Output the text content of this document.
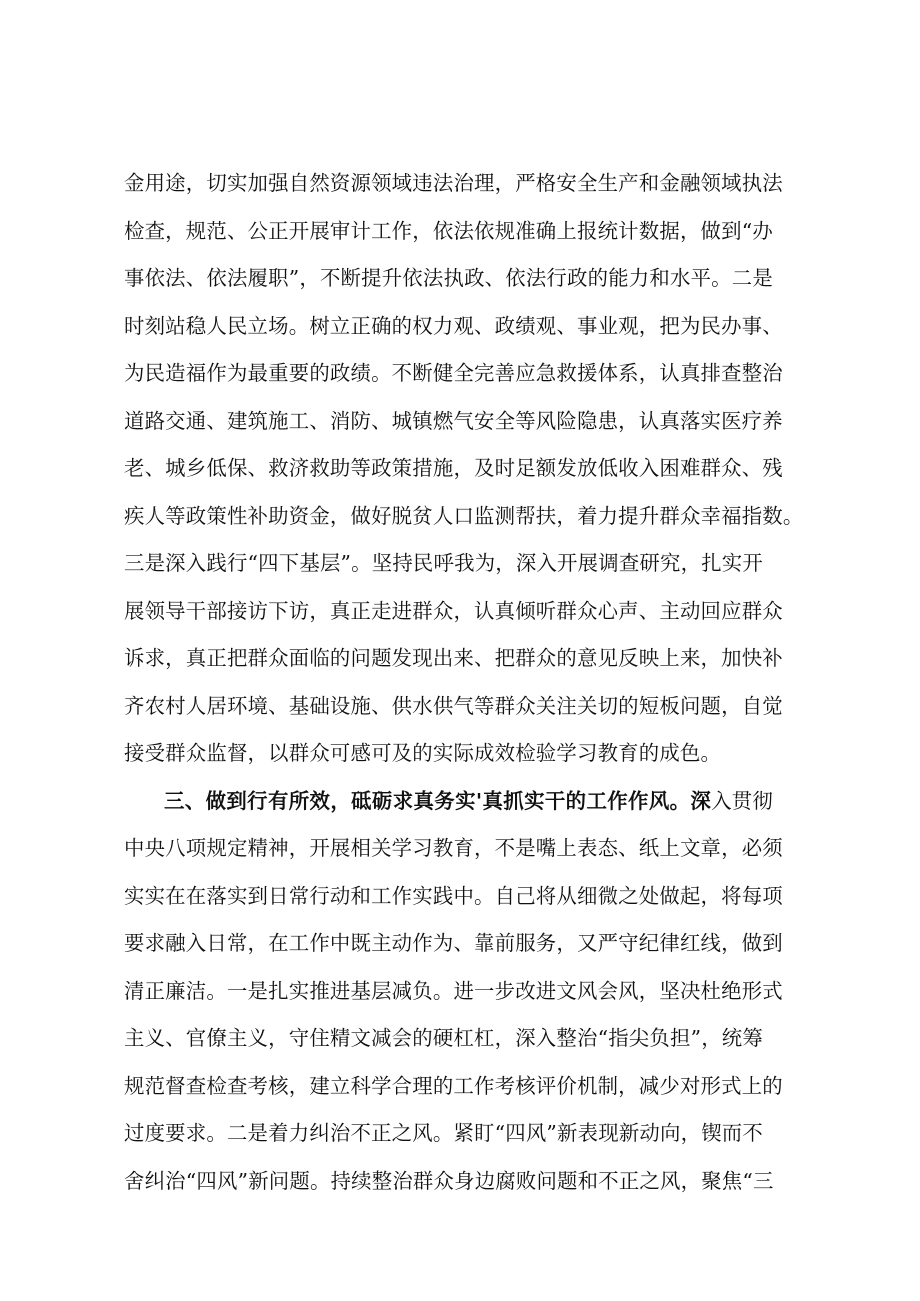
金用途，切实加强自然资源领域违法治理，严格安全生产和金融领域执法
检查，规范、公正开展审计工作，依法依规准确上报统计数据，做到“办
事依法、依法履职”，不断提升依法执政、依法行政的能力和水平。二是
时刻站稳人民立场。树立正确的权力观、政绩观、事业观，把为民办事、
为民造福作为最重要的政绩。不断健全完善应急救援体系，认真排查整治
道路交通、建筑施工、消防、城镇燃气安全等风险隐患，认真落实医疗养
老、城乡低保、救济救助等政策措施，及时足额发放低收入困难群众、残
疾人等政策性补助资金，做好脱贫人口监测帮扶，着力提升群众幸福指数。
三是深入践行“四下基层”。坚持民呼我为，深入开展调查研究，扎实开
展领导干部接访下访，真正走进群众，认真倾听群众心声、主动回应群众
诉求，真正把群众面临的问题发现出来、把群众的意见反映上来，加快补
齐农村人居环境、基础设施、供水供气等群众关注关切的短板问题，自觉
接受群众监督，以群众可感可及的实际成效检验学习教育的成色。
三、做到行有所效，砥砺求真务实'真抓实干的工作作风。深入贯彻
中央八项规定精神，开展相关学习教育，不是嘴上表态、纸上文章，必须
实实在在落实到日常行动和工作实践中。自己将从细微之处做起，将每项
要求融入日常，在工作中既主动作为、靠前服务，又严守纪律红线，做到
清正廉洁。一是扎实推进基层减负。进一步改进文风会风，坚决杜绝形式
主义、官僚主义，守住精文减会的硬杠杠，深入整治“指尖负担”，统筹
规范督查检查考核，建立科学合理的工作考核评价机制，减少对形式上的
过度要求。二是着力纠治不正之风。紧盯“四风”新表现新动向，锲而不
舍纠治“四风”新问题。持续整治群众身边腐败问题和不正之风，聚焦“三
